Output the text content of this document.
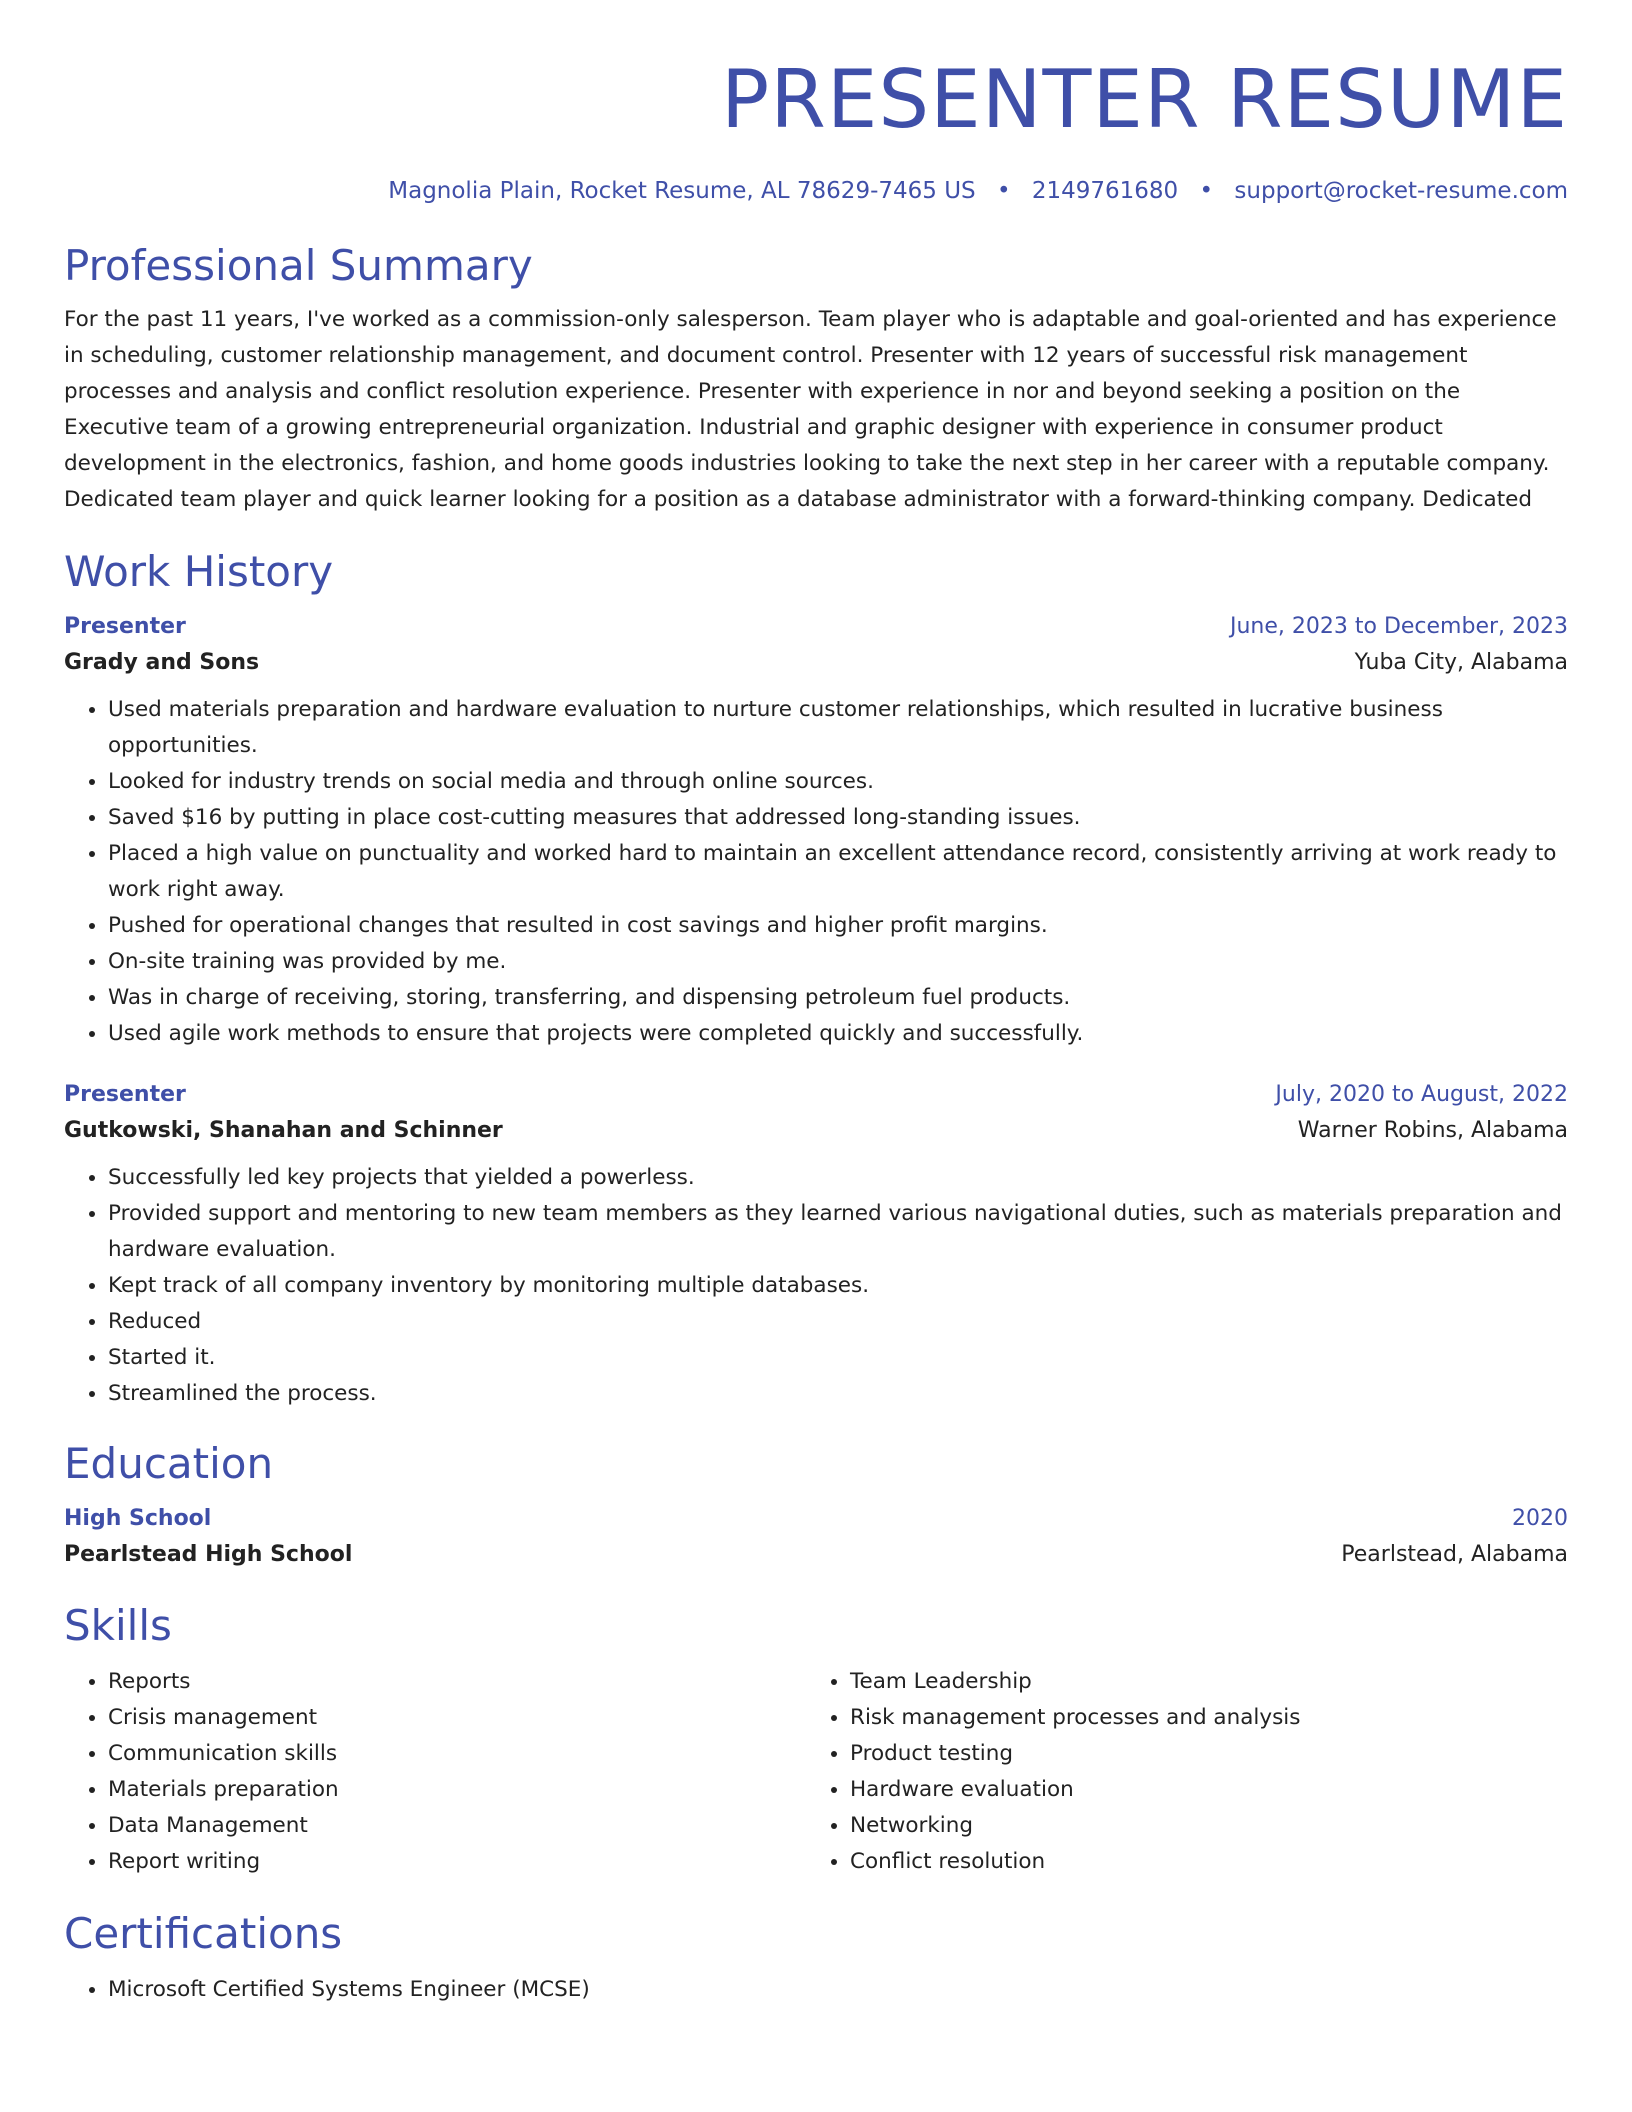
PRESENTER RESUME
Magnolia Plain, Rocket Resume, AL 78629-7465 US • 2149761680 • support@rocket-resume.com
Professional Summary

For the past 11 years, I've worked as a commission-only salesperson. Team player who is adaptable and goal-oriented and has experience in scheduling, customer relationship management, and document control. Presenter with 12 years of successful risk management processes and analysis and conflict resolution experience. Presenter with experience in nor and beyond seeking a position on the Executive team of a growing entrepreneurial organization. Industrial and graphic designer with experience in consumer product development in the electronics, fashion, and home goods industries looking to take the next step in her career with a reputable company. Dedicated team player and quick learner looking for a position as a database administrator with a forward-thinking company. Dedicated

Work History
Presenter	June, 2023 to December, 2023
Grady and Sons	Yuba City, Alabama
• Used materials preparation and hardware evaluation to nurture customer relationships, which resulted in lucrative business opportunities.
• Looked for industry trends on social media and through online sources.
• Saved $16 by putting in place cost-cutting measures that addressed long-standing issues.
• Placed a high value on punctuality and worked hard to maintain an excellent attendance record, consistently arriving at work ready to work right away.
• Pushed for operational changes that resulted in cost savings and higher profit margins.
• On-site training was provided by me.
• Was in charge of receiving, storing, transferring, and dispensing petroleum fuel products.
• Used agile work methods to ensure that projects were completed quickly and successfully.
Presenter	July, 2020 to August, 2022
Gutkowski, Shanahan and Schinner	Warner Robins, Alabama
• Successfully led key projects that yielded a powerless.
• Provided support and mentoring to new team members as they learned various navigational duties, such as materials preparation and hardware evaluation.
• Kept track of all company inventory by monitoring multiple databases.
• Reduced
• Started it.
• Streamlined the process.
Education
High School	2020
Pearlstead High School	Pearlstead, Alabama
Skills
• Reports
• Crisis management
• Communication skills
• Materials preparation
• Data Management
• Report writing
• Team Leadership
• Risk management processes and analysis
• Product testing
• Hardware evaluation
• Networking
• Conflict resolution
Certifications
• Microsoft Certified Systems Engineer (MCSE)
